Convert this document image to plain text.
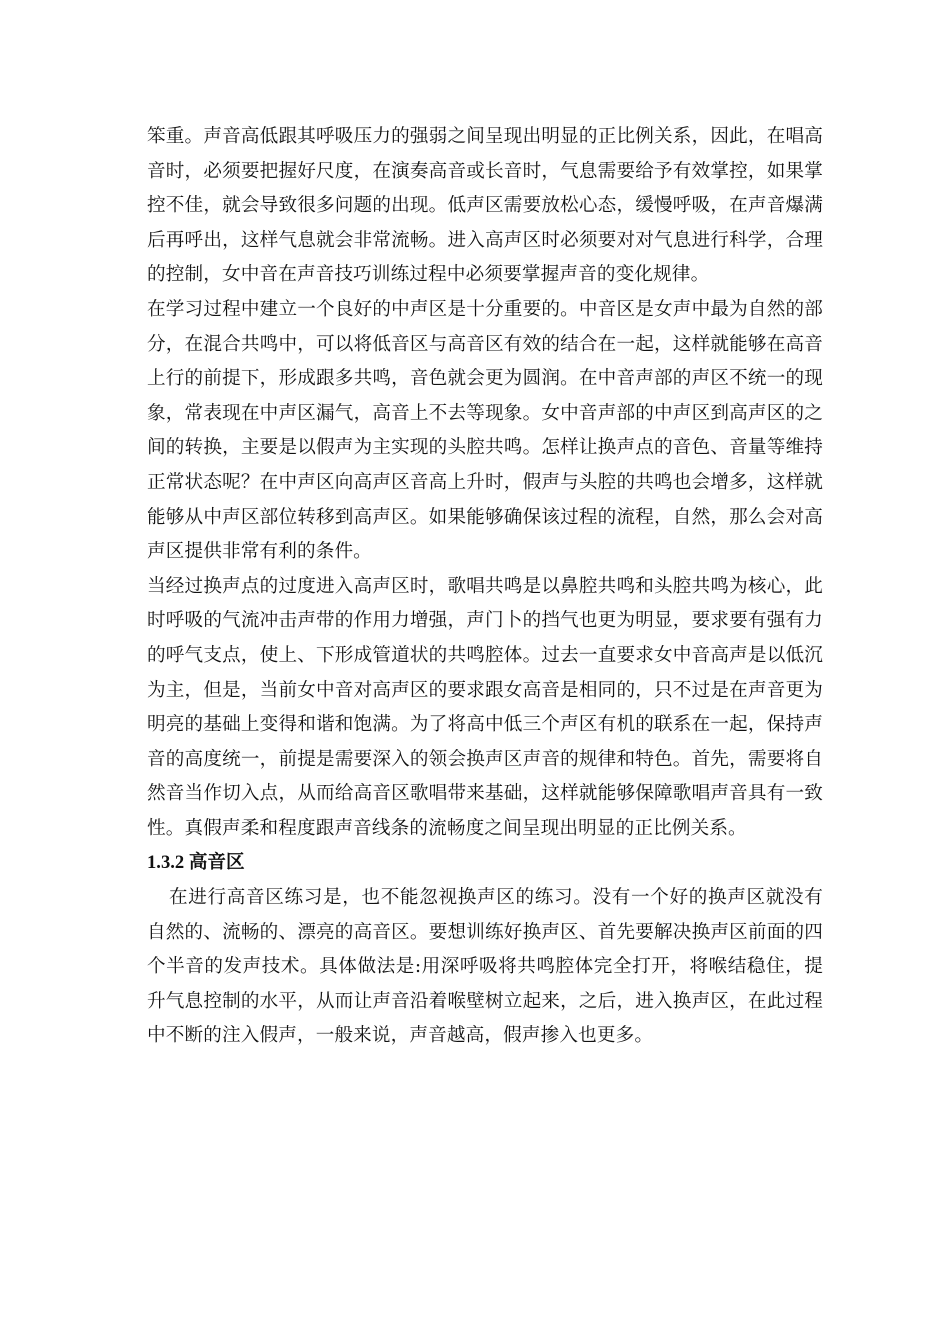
笨重。声音高低跟其呼吸压力的强弱之间呈现出明显的正比例关系，因此，在唱高音时，必须要把握好尺度，在演奏高音或长音时，气息需要给予有效掌控，如果掌控不佳，就会导致很多问题的出现。低声区需要放松心态，缓慢呼吸，在声音爆满后再呼出，这样气息就会非常流畅。进入高声区时必须要对对气息进行科学，合理的控制，女中音在声音技巧训练过程中必须要掌握声音的变化规律。

在学习过程中建立一个良好的中声区是十分重要的。中音区是女声中最为自然的部分，在混合共鸣中，可以将低音区与高音区有效的结合在一起，这样就能够在高音上行的前提下，形成跟多共鸣，音色就会更为圆润。在中音声部的声区不统一的现象，常表现在中声区漏气，高音上不去等现象。女中音声部的中声区到高声区的之间的转换，主要是以假声为主实现的头腔共鸣。怎样让换声点的音色、音量等维持正常状态呢？在中声区向高声区音高上升时，假声与头腔的共鸣也会增多，这样就能够从中声区部位转移到高声区。如果能够确保该过程的流程，自然，那么会对高声区提供非常有利的条件。

当经过换声点的过度进入高声区时，歌唱共鸣是以鼻腔共鸣和头腔共鸣为核心，此时呼吸的气流冲击声带的作用力增强，声门卜的挡气也更为明显，要求要有强有力的呼气支点，使上、下形成管道状的共鸣腔体。过去一直要求女中音高声是以低沉为主，但是，当前女中音对高声区的要求跟女高音是相同的，只不过是在声音更为明亮的基础上变得和谐和饱满。为了将高中低三个声区有机的联系在一起，保持声音的高度统一，前提是需要深入的领会换声区声音的规律和特色。首先，需要将自然音当作切入点，从而给高音区歌唱带来基础，这样就能够保障歌唱声音具有一致性。真假声柔和程度跟声音线条的流畅度之间呈现出明显的正比例关系。

1.3.2 高音区

在进行高音区练习是，也不能忽视换声区的练习。没有一个好的换声区就没有自然的、流畅的、漂亮的高音区。要想训练好换声区、首先要解决换声区前面的四个半音的发声技术。具体做法是:用深呼吸将共鸣腔体完全打开，将喉结稳住，提升气息控制的水平，从而让声音沿着喉壁树立起来，之后，进入换声区，在此过程中不断的注入假声，一般来说，声音越高，假声掺入也更多。
